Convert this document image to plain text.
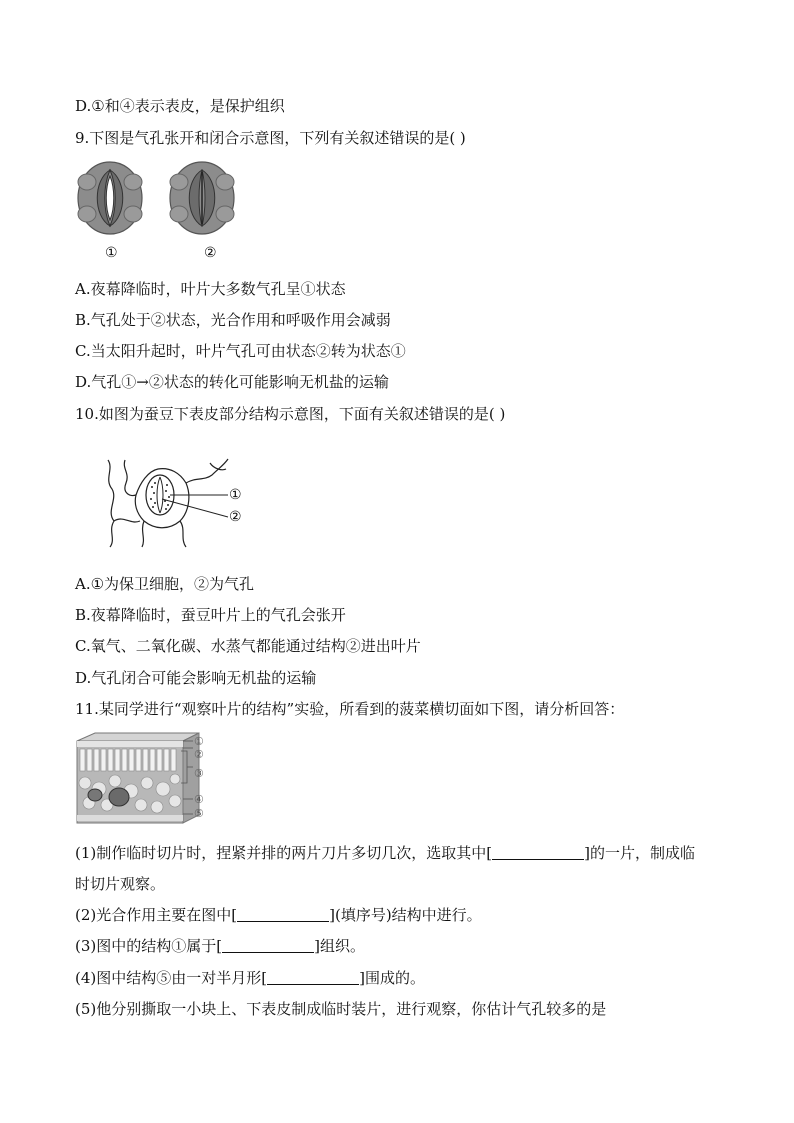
D.①和④表示表皮，是保护组织
9.下图是气孔张开和闭合示意图，下列有关叙述错误的是( )
①	②
A.夜幕降临时，叶片大多数气孔呈①状态
B.气孔处于②状态，光合作用和呼吸作用会减弱
C.当太阳升起时，叶片气孔可由状态②转为状态①
D.气孔①→②状态的转化可能影响无机盐的运输
10.如图为蚕豆下表皮部分结构示意图，下面有关叙述错误的是( )
①
②
A.①为保卫细胞，②为气孔
B.夜幕降临时，蚕豆叶片上的气孔会张开
C.氧气、二氧化碳、水蒸气都能通过结构②进出叶片
D.气孔闭合可能会影响无机盐的运输
11.某同学进行“观察叶片的结构”实验，所看到的菠菜横切面如下图，请分析回答：
①
②
③
④
⑤
(1)制作临时切片时，捏紧并排的两片刀片多切几次，选取其中[	]的一片，制成临
时切片观察。
(2)光合作用主要在图中[	](填序号)结构中进行。
(3)图中的结构①属于[	]组织。
(4)图中结构⑤由一对半月形[	]围成的。
(5)他分别撕取一小块上、下表皮制成临时装片，进行观察，你估计气孔较多的是
